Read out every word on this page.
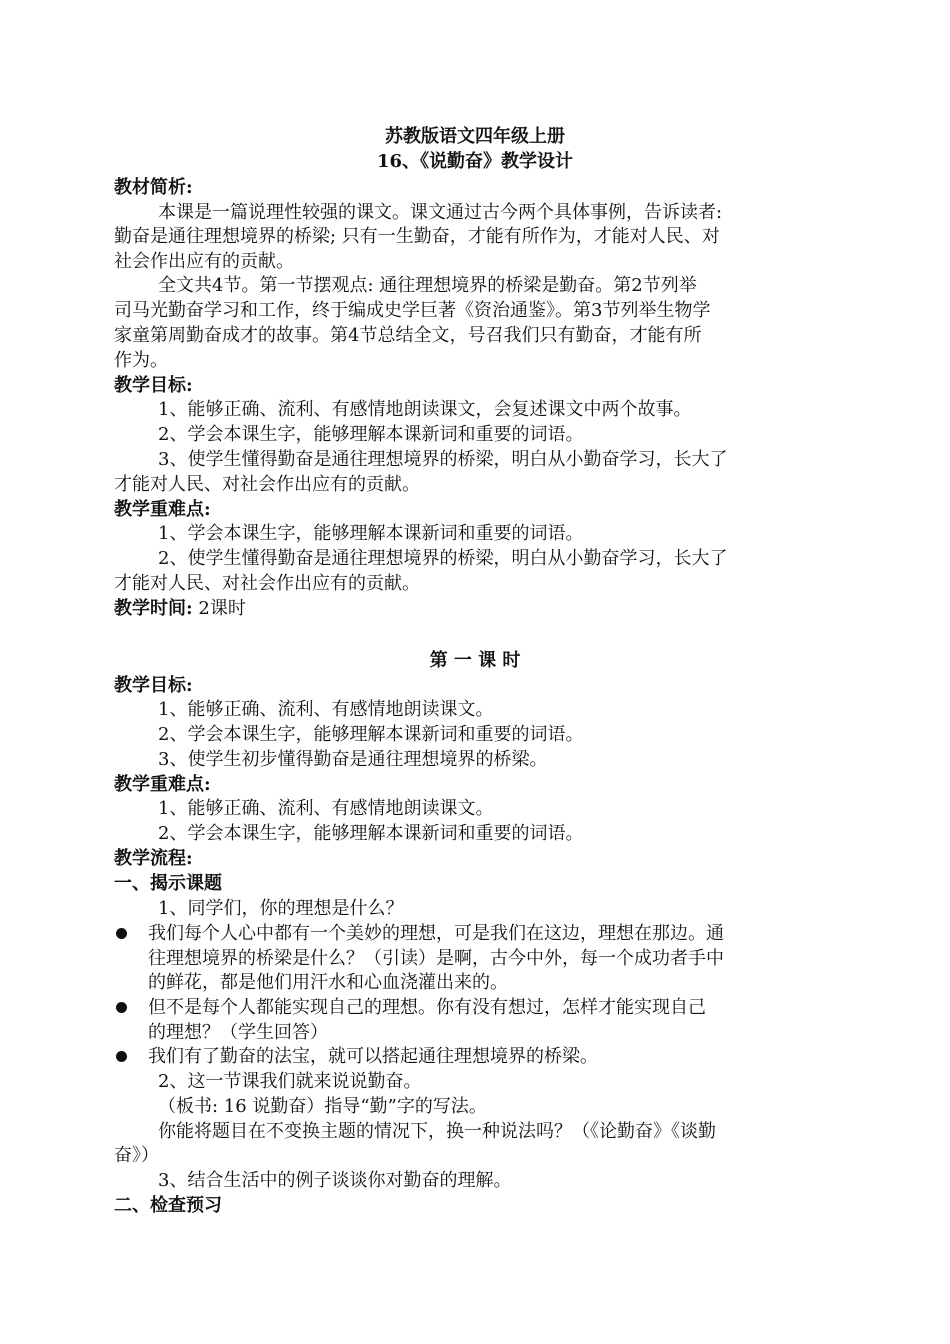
苏教版语文四年级上册
16、《说勤奋》教学设计
教材简析:
本课是一篇说理性较强的课文。课文通过古今两个具体事例，告诉读者:
勤奋是通往理想境界的桥梁; 只有一生勤奋，才能有所作为，才能对人民、对
社会作出应有的贡献。
全文共4节。第一节摆观点: 通往理想境界的桥梁是勤奋。第2节列举
司马光勤奋学习和工作，终于编成史学巨著《资治通鉴》。第3节列举生物学
家童第周勤奋成才的故事。第4节总结全文，号召我们只有勤奋，才能有所
作为。
教学目标:
1、能够正确、流利、有感情地朗读课文，会复述课文中两个故事。
2、学会本课生字，能够理解本课新词和重要的词语。
3、使学生懂得勤奋是通往理想境界的桥梁，明白从小勤奋学习，长大了
才能对人民、对社会作出应有的贡献。
教学重难点:
1、学会本课生字，能够理解本课新词和重要的词语。
2、使学生懂得勤奋是通往理想境界的桥梁，明白从小勤奋学习，长大了
才能对人民、对社会作出应有的贡献。
教学时间: 2课时
第 一 课 时
教学目标:
1、能够正确、流利、有感情地朗读课文。
2、学会本课生字，能够理解本课新词和重要的词语。
3、使学生初步懂得勤奋是通往理想境界的桥梁。
教学重难点:
1、能够正确、流利、有感情地朗读课文。
2、学会本课生字，能够理解本课新词和重要的词语。
教学流程:
一、揭示课题
1、同学们，你的理想是什么？
我们每个人心中都有一个美妙的理想，可是我们在这边，理想在那边。通
往理想境界的桥梁是什么？（引读）是啊，古今中外，每一个成功者手中
的鲜花，都是他们用汗水和心血浇灌出来的。
但不是每个人都能实现自己的理想。你有没有想过，怎样才能实现自己
的理想？（学生回答）
我们有了勤奋的法宝，就可以搭起通往理想境界的桥梁。
2、这一节课我们就来说说勤奋。
（板书: 16 说勤奋）指导“勤”字的写法。
你能将题目在不变换主题的情况下，换一种说法吗？（《论勤奋》《谈勤
奋》）
3、结合生活中的例子谈谈你对勤奋的理解。
二、检查预习
